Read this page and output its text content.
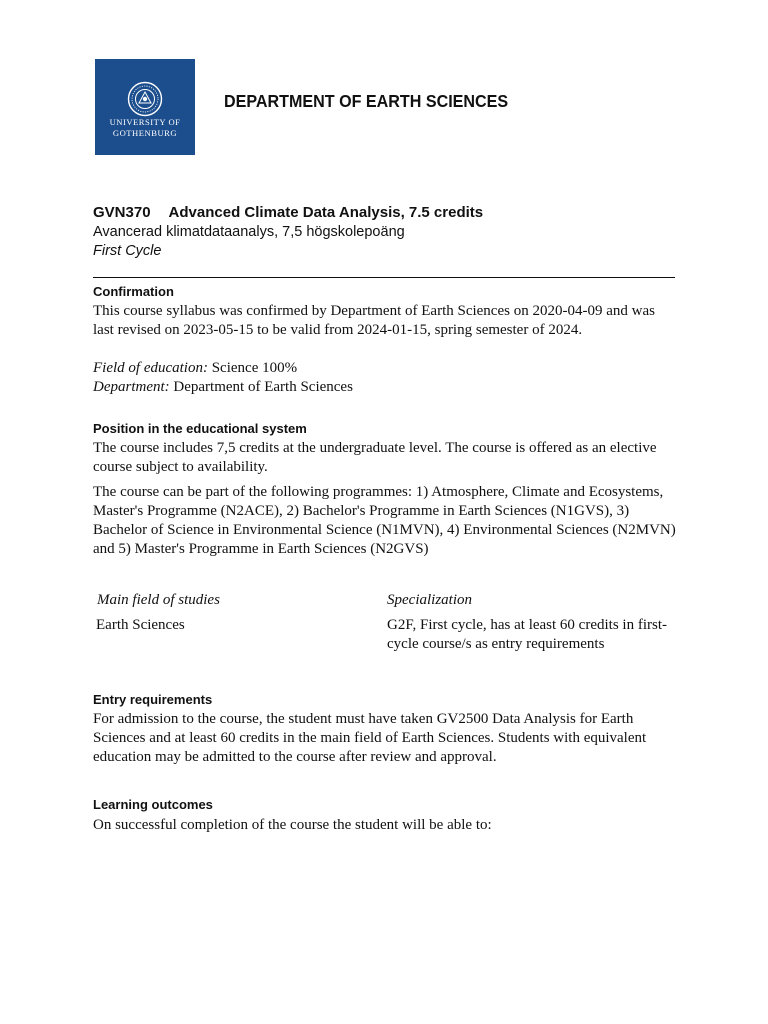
UNIVERSITY OF
GOTHENBURG
DEPARTMENT OF EARTH SCIENCES
GVN370 Advanced Climate Data Analysis, 7.5 credits
Avancerad klimatdataanalys, 7,5 högskolepoäng
First Cycle
Confirmation
This course syllabus was confirmed by Department of Earth Sciences on 2020-04-09 and was last revised on 2023-05-15 to be valid from 2024-01-15, spring semester of 2024.
Field of education: Science 100%
Department: Department of Earth Sciences
Position in the educational system
The course includes 7,5 credits at the undergraduate level. The course is offered as an elective course subject to availability.
The course can be part of the following programmes: 1) Atmosphere, Climate and Ecosystems, Master's Programme (N2ACE), 2) Bachelor's Programme in Earth Sciences (N1GVS), 3) Bachelor of Science in Environmental Science (N1MVN), 4) Environmental Sciences (N2MVN) and 5) Master's Programme in Earth Sciences (N2GVS)
Main field of studies	Specialization
Earth Sciences	G2F, First cycle, has at least 60 credits in first-cycle course/s as entry requirements
Entry requirements
For admission to the course, the student must have taken GV2500 Data Analysis for Earth Sciences and at least 60 credits in the main field of Earth Sciences. Students with equivalent education may be admitted to the course after review and approval.
Learning outcomes
On successful completion of the course the student will be able to:
